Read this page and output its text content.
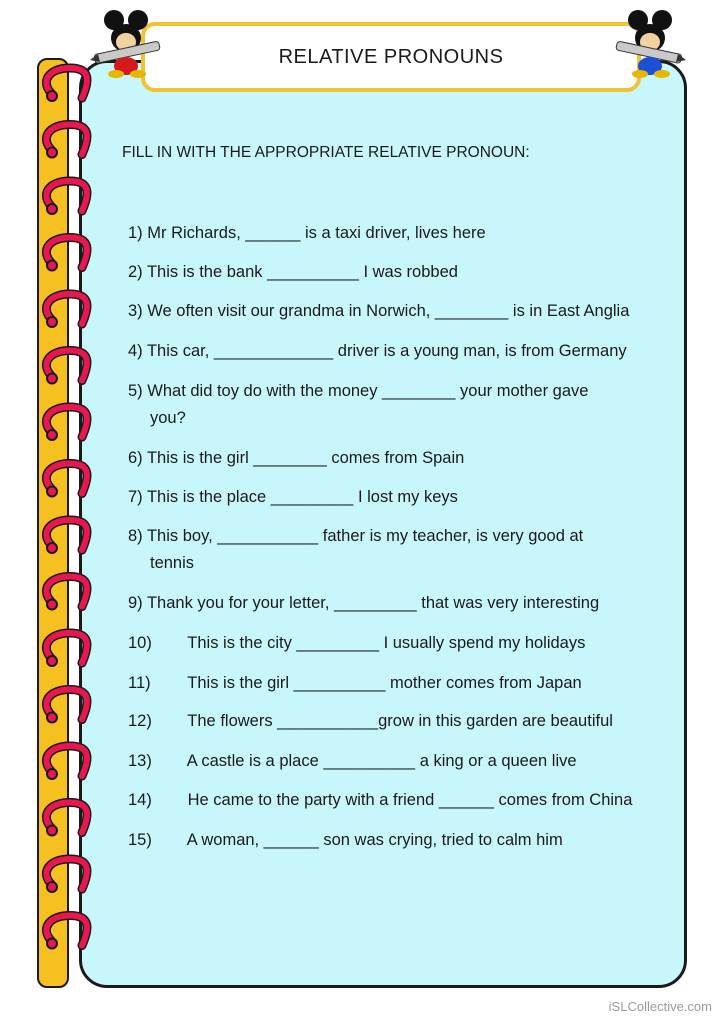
RELATIVE PRONOUNS
FILL IN WITH THE APPROPRIATE RELATIVE PRONOUN:
1) Mr Richards, ______ is a taxi driver, lives here
2) This is the bank __________ I was robbed
3) We often visit our grandma in Norwich, ________ is in East Anglia
4) This car, _____________ driver is a young man, is from Germany
5) What did toy do with the money ________ your mother gave
you?
6) This is the girl ________ comes from Spain
7) This is the place _________ I lost my keys
8) This boy, ___________ father is my teacher, is very good at
tennis
9) Thank you for your letter, _________ that was very interesting
10) This is the city _________ I usually spend my holidays
11) This is the girl __________ mother comes from Japan
12) The flowers ___________grow in this garden are beautiful
13) A castle is a place __________ a king or a queen live
14) He came to the party with a friend ______ comes from China
15) A woman, ______ son was crying, tried to calm him
iSLCollective.com
